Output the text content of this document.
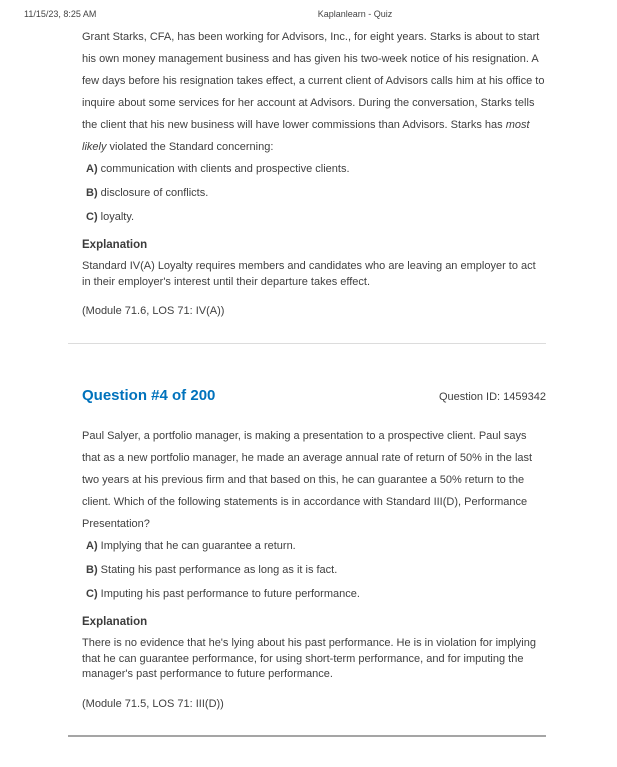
11/15/23, 8:25 AM	Kaplanlearn - Quiz

Grant Starks, CFA, has been working for Advisors, Inc., for eight years. Starks is about to start his own money management business and has given his two-week notice of his resignation. A few days before his resignation takes effect, a current client of Advisors calls him at his office to inquire about some services for her account at Advisors. During the conversation, Starks tells the client that his new business will have lower commissions than Advisors. Starks has most likely violated the Standard concerning:

A) communication with clients and prospective clients.

B) disclosure of conflicts.

C) loyalty.

Explanation

Standard IV(A) Loyalty requires members and candidates who are leaving an employer to act in their employer's interest until their departure takes effect.

(Module 71.6, LOS 71: IV(A))

Question #4 of 200	Question ID: 1459342

Paul Salyer, a portfolio manager, is making a presentation to a prospective client. Paul says that as a new portfolio manager, he made an average annual rate of return of 50% in the last two years at his previous firm and that based on this, he can guarantee a 50% return to the client. Which of the following statements is in accordance with Standard III(D), Performance Presentation?

A) Implying that he can guarantee a return.

B) Stating his past performance as long as it is fact.

C) Imputing his past performance to future performance.

Explanation

There is no evidence that he's lying about his past performance. He is in violation for implying that he can guarantee performance, for using short-term performance, and for imputing the manager's past performance to future performance.

(Module 71.5, LOS 71: III(D))
